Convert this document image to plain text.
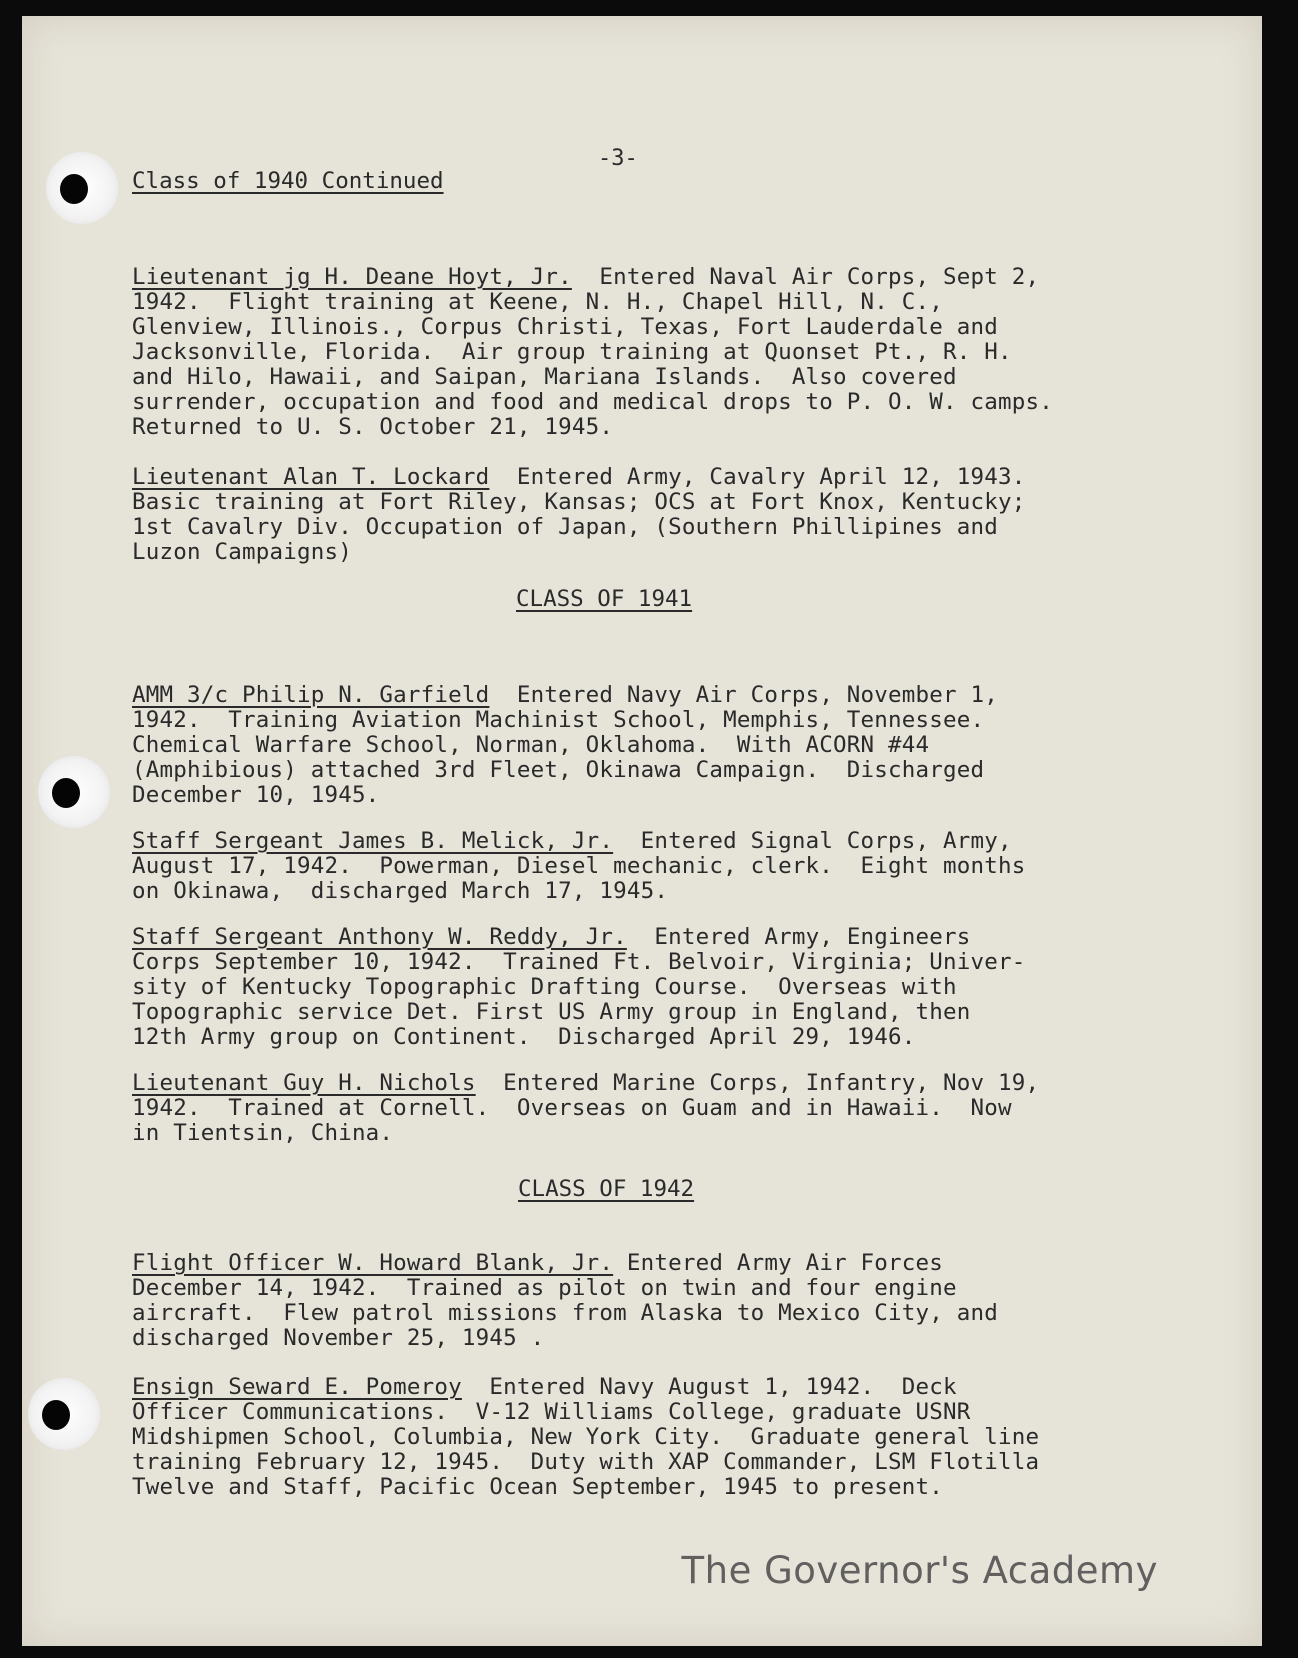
-3-
Class of 1940 Continued

Lieutenant jg H. Deane Hoyt, Jr.  Entered Naval Air Corps, Sept 2,
1942.  Flight training at Keene, N. H., Chapel Hill, N. C.,
Glenview, Illinois., Corpus Christi, Texas, Fort Lauderdale and
Jacksonville, Florida.  Air group training at Quonset Pt., R. H.
and Hilo, Hawaii, and Saipan, Mariana Islands.  Also covered
surrender, occupation and food and medical drops to P. O. W. camps.
Returned to U. S. October 21, 1945.

Lieutenant Alan T. Lockard  Entered Army, Cavalry April 12, 1943.
Basic training at Fort Riley, Kansas; OCS at Fort Knox, Kentucky;
1st Cavalry Div. Occupation of Japan, (Southern Phillipines and
Luzon Campaigns)
CLASS OF 1941

AMM 3/c Philip N. Garfield  Entered Navy Air Corps, November 1,
1942.  Training Aviation Machinist School, Memphis, Tennessee.
Chemical Warfare School, Norman, Oklahoma.  With ACORN #44
(Amphibious) attached 3rd Fleet, Okinawa Campaign.  Discharged
December 10, 1945.

Staff Sergeant James B. Melick, Jr.  Entered Signal Corps, Army,
August 17, 1942.  Powerman, Diesel mechanic, clerk.  Eight months
on Okinawa,  discharged March 17, 1945.

Staff Sergeant Anthony W. Reddy, Jr.  Entered Army, Engineers
Corps September 10, 1942.  Trained Ft. Belvoir, Virginia; Univer-
sity of Kentucky Topographic Drafting Course.  Overseas with
Topographic service Det. First US Army group in England, then
12th Army group on Continent.  Discharged April 29, 1946.

Lieutenant Guy H. Nichols  Entered Marine Corps, Infantry, Nov 19,
1942.  Trained at Cornell.  Overseas on Guam and in Hawaii.  Now
in Tientsin, China.
CLASS OF 1942

Flight Officer W. Howard Blank, Jr. Entered Army Air Forces
December 14, 1942.  Trained as pilot on twin and four engine
aircraft.  Flew patrol missions from Alaska to Mexico City, and
discharged November 25, 1945 .

Ensign Seward E. Pomeroy  Entered Navy August 1, 1942.  Deck
Officer Communications.  V-12 Williams College, graduate USNR
Midshipmen School, Columbia, New York City.  Graduate general line
training February 12, 1945.  Duty with XAP Commander, LSM Flotilla
Twelve and Staff, Pacific Ocean September, 1945 to present.
The Governor's Academy
